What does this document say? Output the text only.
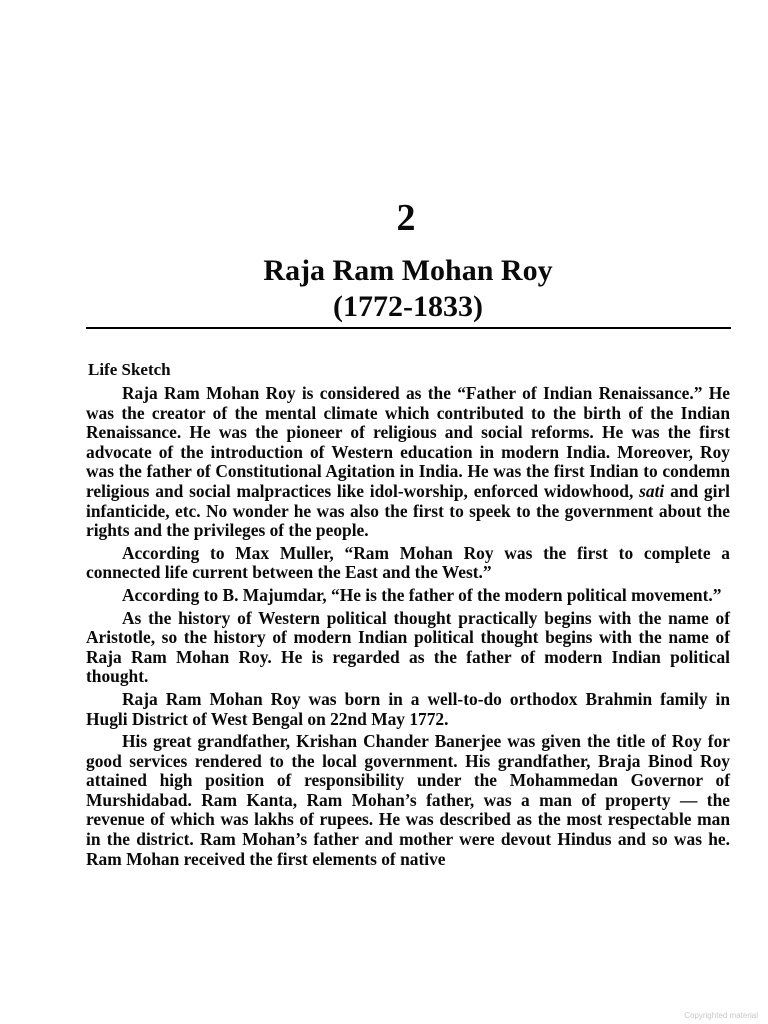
2
Raja Ram Mohan Roy
(1772-1833)
Life Sketch

Raja Ram Mohan Roy is considered as the “Father of Indian Renaissance.” He was the creator of the mental climate which contributed to the birth of the Indian Renaissance. He was the pioneer of religious and social reforms. He was the first advocate of the introduction of Western education in modern India. Moreover, Roy was the father of Constitutional Agitation in India. He was the first Indian to condemn religious and social malpractices like idol-worship, enforced widowhood, sati and girl infanticide, etc. No wonder he was also the first to speek to the government about the rights and the privileges of the people.

According to Max Muller, “Ram Mohan Roy was the first to complete a connected life current between the East and the West.”

According to B. Majumdar, “He is the father of the modern political movement.”

As the history of Western political thought practically begins with the name of Aristotle, so the history of modern Indian political thought begins with the name of Raja Ram Mohan Roy. He is regarded as the father of modern Indian political thought.

Raja Ram Mohan Roy was born in a well-to-do orthodox Brahmin family in Hugli District of West Bengal on 22nd May 1772.

His great grandfather, Krishan Chander Banerjee was given the title of Roy for good services rendered to the local government. His grandfather, Braja Binod Roy attained high position of responsibility under the Mohammedan Governor of Murshidabad. Ram Kanta, Ram Mohan’s father, was a man of property — the revenue of which was lakhs of rupees. He was described as the most respectable man in the district. Ram Mohan’s father and mother were devout Hindus and so was he. Ram Mohan received the first elements of native

Copyrighted material
